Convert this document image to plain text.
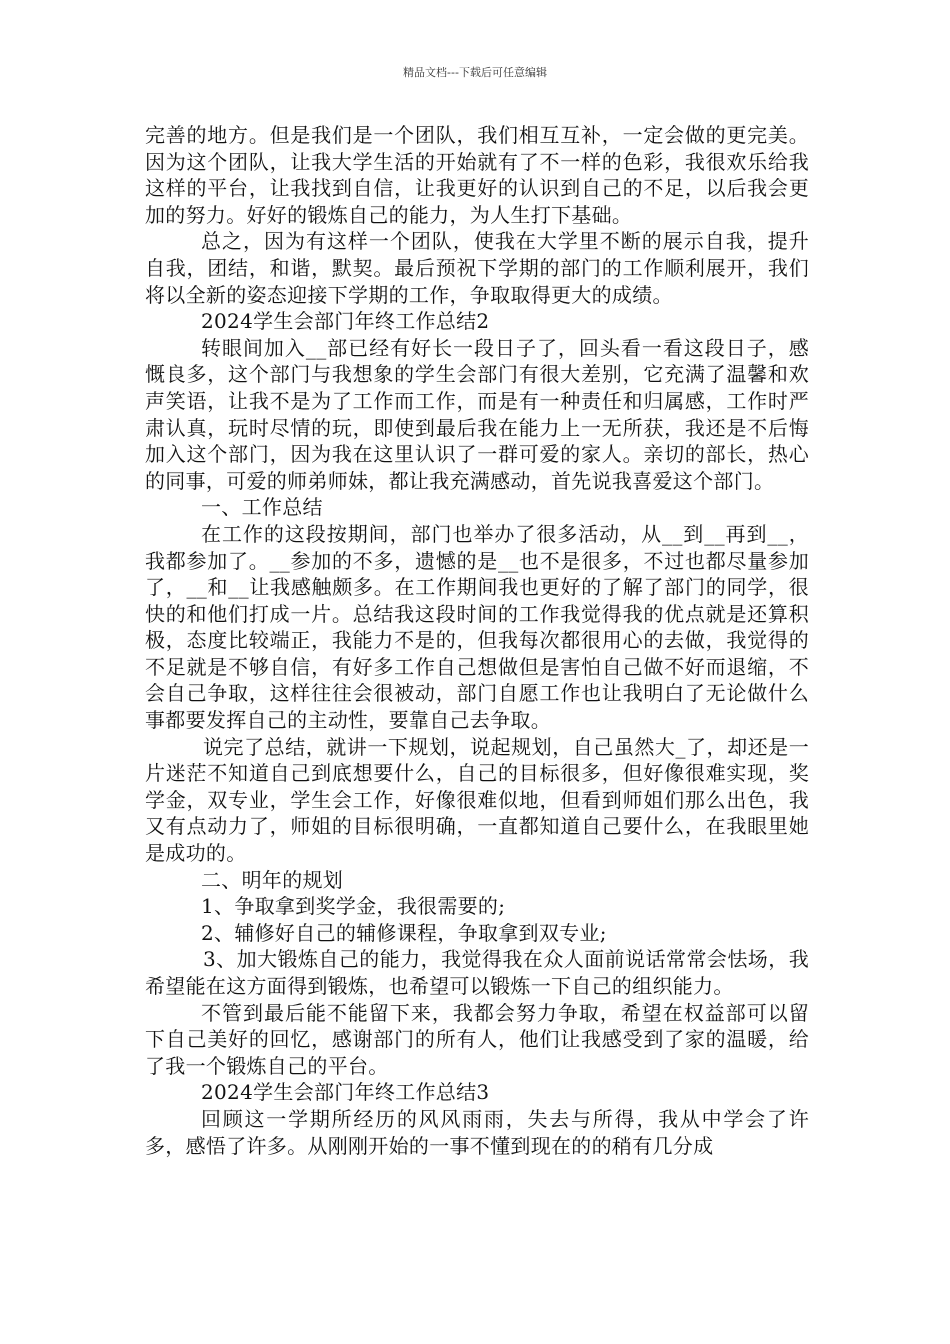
精品文档---下载后可任意编辑

完善的地方。但是我们是一个团队，我们相互互补，一定会做的更完美。因为这个团队，让我大学生活的开始就有了不一样的色彩，我很欢乐给我这样的平台，让我找到自信，让我更好的认识到自己的不足，以后我会更加的努力。好好的锻炼自己的能力，为人生打下基础。

总之，因为有这样一个团队，使我在大学里不断的展示自我，提升自我，团结，和谐，默契。最后预祝下学期的部门的工作顺利展开，我们将以全新的姿态迎接下学期的工作，争取取得更大的成绩。

2024学生会部门年终工作总结2

转眼间加入__部已经有好长一段日子了，回头看一看这段日子，感慨良多，这个部门与我想象的学生会部门有很大差别，它充满了温馨和欢声笑语，让我不是为了工作而工作，而是有一种责任和归属感，工作时严肃认真，玩时尽情的玩，即使到最后我在能力上一无所获，我还是不后悔加入这个部门，因为我在这里认识了一群可爱的家人。亲切的部长，热心的同事，可爱的师弟师妹，都让我充满感动，首先说我喜爱这个部门。

一、工作总结

在工作的这段按期间，部门也举办了很多活动，从__到__再到__，我都参加了。__参加的不多，遗憾的是__也不是很多，不过也都尽量参加了，__和__让我感触颇多。在工作期间我也更好的了解了部门的同学，很快的和他们打成一片。总结我这段时间的工作我觉得我的优点就是还算积极，态度比较端正，我能力不是的，但我每次都很用心的去做，我觉得的不足就是不够自信，有好多工作自己想做但是害怕自己做不好而退缩，不会自己争取，这样往往会很被动，部门自愿工作也让我明白了无论做什么事都要发挥自己的主动性，要靠自己去争取。

说完了总结，就讲一下规划，说起规划，自己虽然大_了，却还是一片迷茫不知道自己到底想要什么，自己的目标很多，但好像很难实现，奖学金，双专业，学生会工作，好像很难似地，但看到师姐们那么出色，我又有点动力了，师姐的目标很明确，一直都知道自己要什么，在我眼里她是成功的。

二、明年的规划

1、争取拿到奖学金，我很需要的;

2、辅修好自己的辅修课程，争取拿到双专业;

3、加大锻炼自己的能力，我觉得我在众人面前说话常常会怯场，我希望能在这方面得到锻炼，也希望可以锻炼一下自己的组织能力。

不管到最后能不能留下来，我都会努力争取，希望在权益部可以留下自己美好的回忆，感谢部门的所有人，他们让我感受到了家的温暖，给了我一个锻炼自己的平台。

2024学生会部门年终工作总结3

回顾这一学期所经历的风风雨雨，失去与所得，我从中学会了许多，感悟了许多。从刚刚开始的一事不懂到现在的的稍有几分成
